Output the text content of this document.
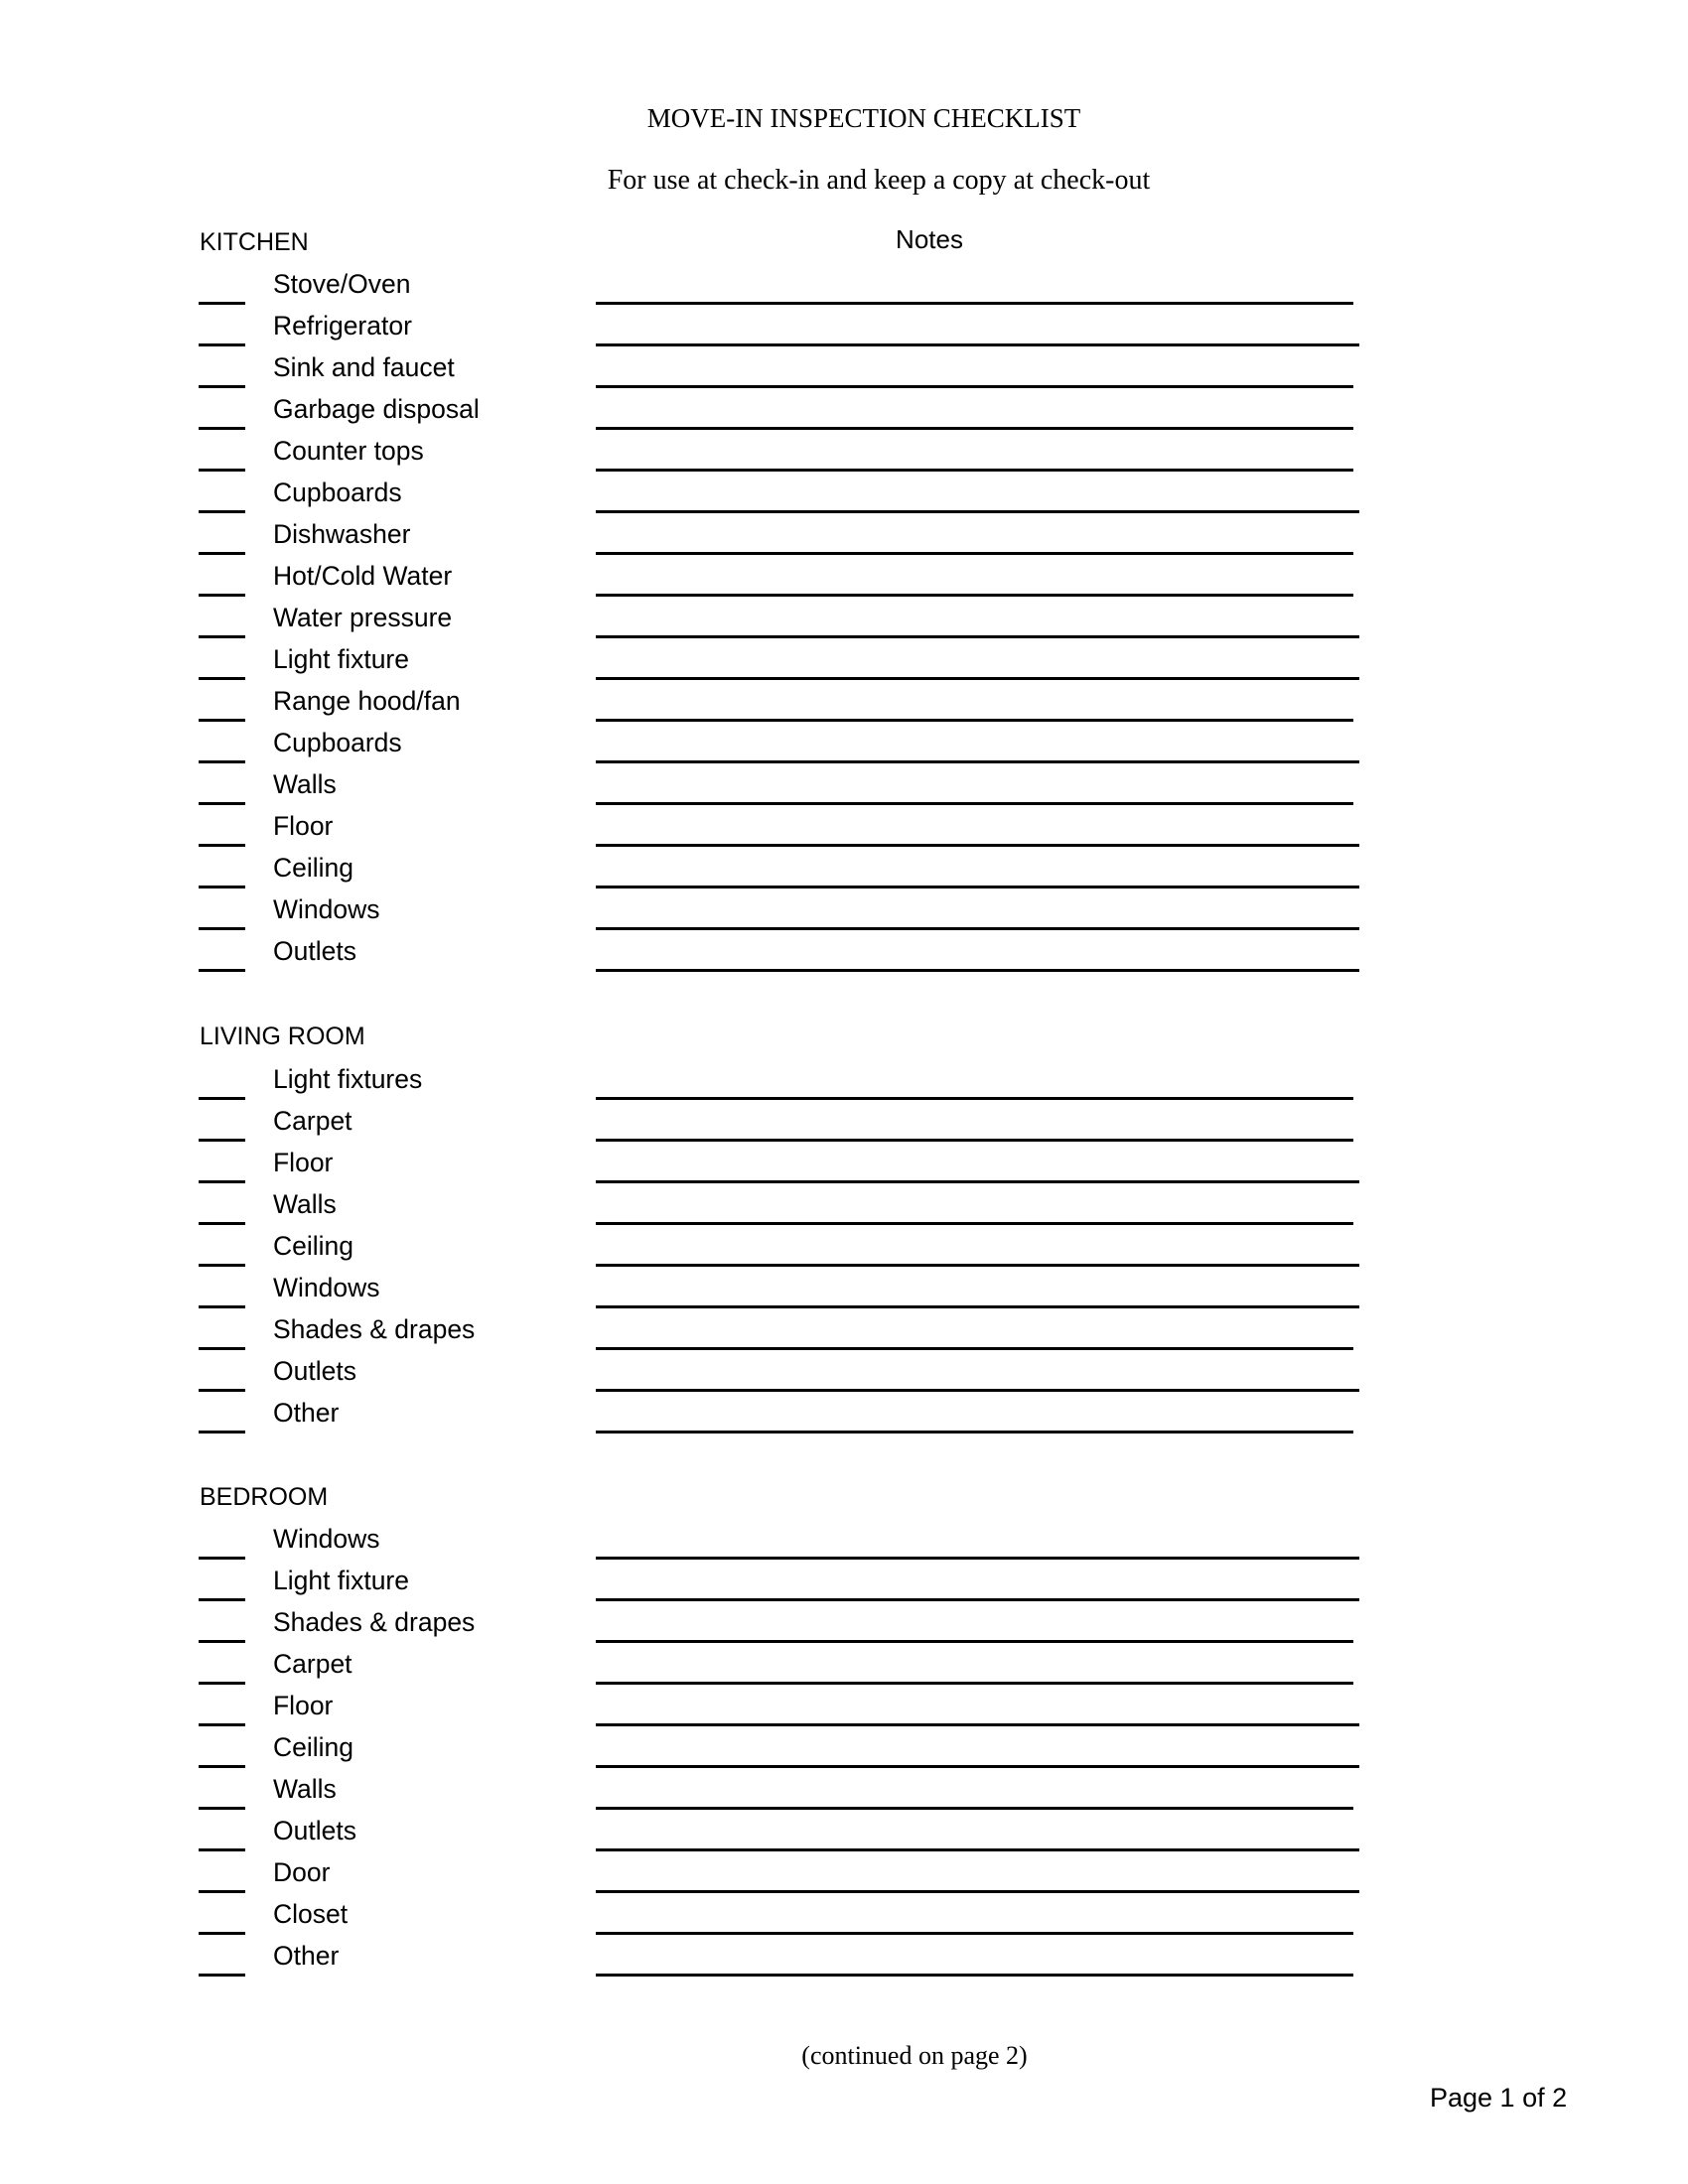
MOVE-IN INSPECTION CHECKLIST
For use at check-in and keep a copy at check-out
Notes
KITCHEN
Stove/Oven
Refrigerator
Sink and faucet
Garbage disposal
Counter tops
Cupboards
Dishwasher
Hot/Cold Water
Water pressure
Light fixture
Range hood/fan
Cupboards
Walls
Floor
Ceiling
Windows
Outlets
LIVING ROOM
Light fixtures
Carpet
Floor
Walls
Ceiling
Windows
Shades & drapes
Outlets
Other
BEDROOM
Windows
Light fixture
Shades & drapes
Carpet
Floor
Ceiling
Walls
Outlets
Door
Closet
Other
(continued on page 2)
Page 1 of 2
